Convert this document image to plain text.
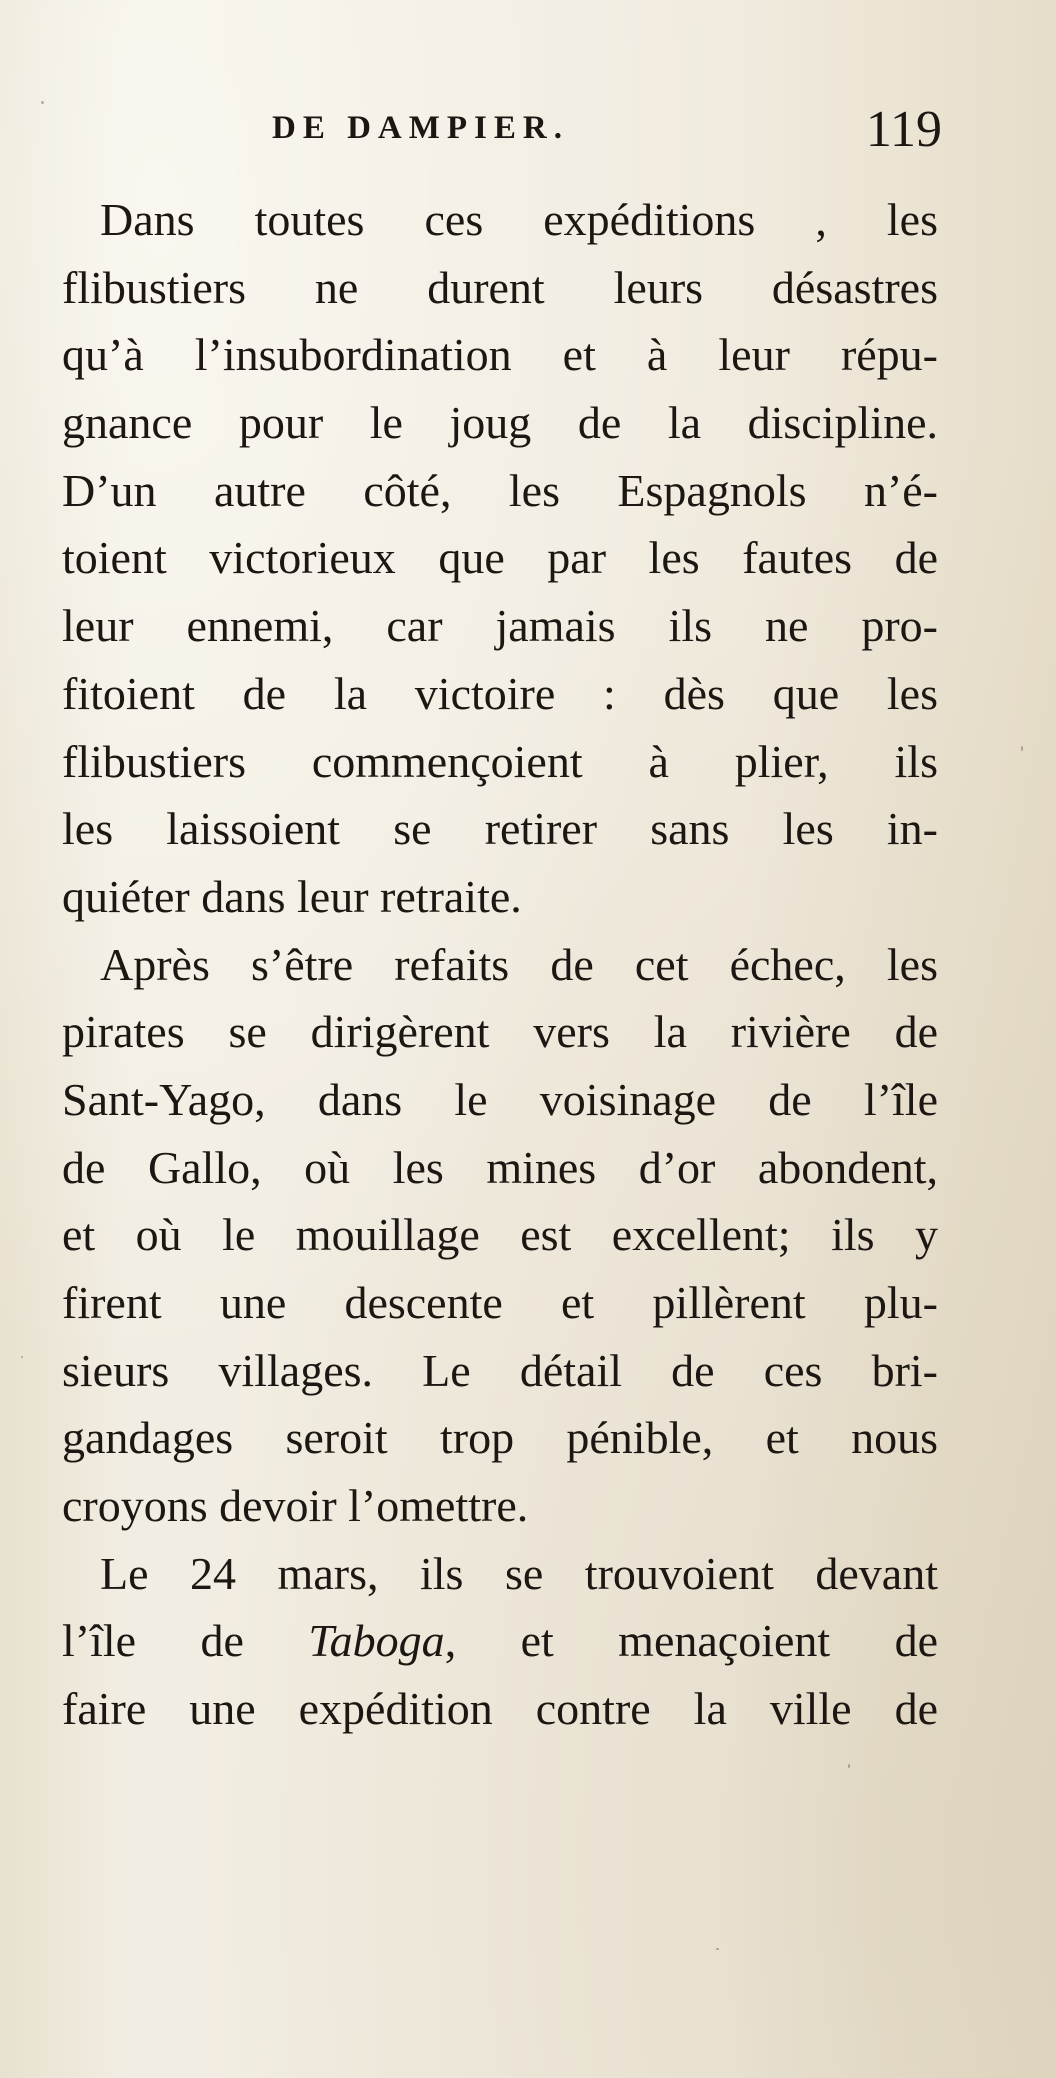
DE DAMPIER.	119
Dans toutes ces expéditions , les
flibustiers ne durent leurs désastres
qu’à l’insubordination et à leur répu-
gnance pour le joug de la discipline.
D’un autre côté, les Espagnols n’é-
toient victorieux que par les fautes de
leur ennemi, car jamais ils ne pro-
fitoient de la victoire : dès que les
flibustiers commençoient à plier, ils
les laissoient se retirer sans les in-
quiéter dans leur retraite.
Après s’être refaits de cet échec, les
pirates se dirigèrent vers la rivière de
Sant-Yago, dans le voisinage de l’île
de Gallo, où les mines d’or abondent,
et où le mouillage est excellent; ils y
firent une descente et pillèrent plu-
sieurs villages. Le détail de ces bri-
gandages seroit trop pénible, et nous
croyons devoir l’omettre.
Le 24 mars, ils se trouvoient devant
l’île de Taboga, et menaçoient de
faire une expédition contre la ville de
